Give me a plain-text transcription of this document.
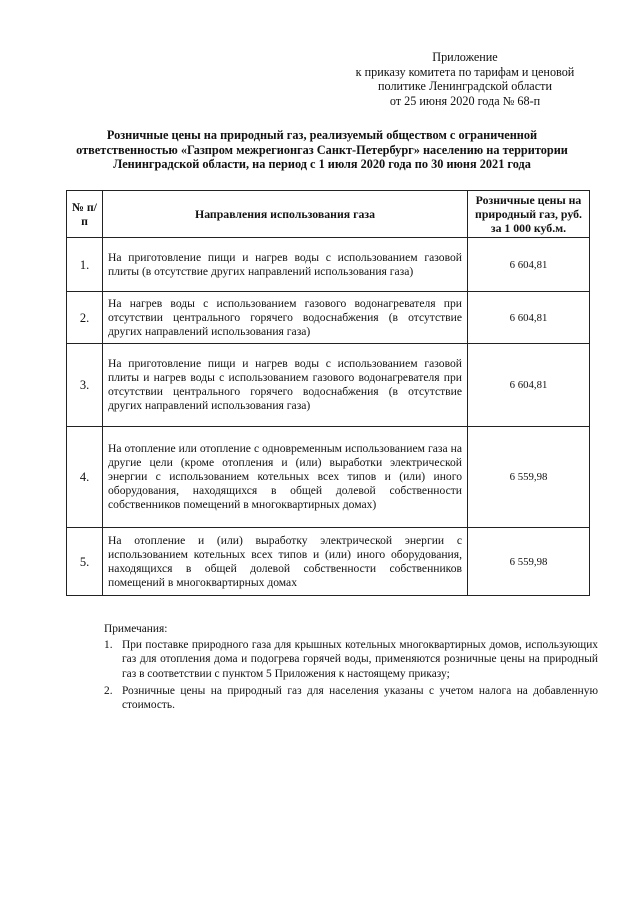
Приложение
к приказу комитета по тарифам и ценовой
политике Ленинградской области
от 25 июня 2020 года № 68-п
Розничные цены на природный газ, реализуемый обществом с ограниченной
ответственностью «Газпром межрегионгаз Санкт-Петербург» населению на территории
Ленинградской области, на период с 1 июля 2020 года по 30 июня 2021 года
№ п/п	Направления использования газа	Розничные цены на природный газ, руб. за 1 000 куб.м.
1.	На приготовление пищи и нагрев воды с использованием газовой плиты (в отсутствие других направлений использования газа)	6 604,81
2.	На нагрев воды с использованием газового водонагревателя при отсутствии центрального горячего водоснабжения (в отсутствие других направлений использования газа)	6 604,81
3.	На приготовление пищи и нагрев воды с использованием газовой плиты и нагрев воды с использованием газового водонагревателя при отсутствии центрального горячего водоснабжения (в отсутствие других направлений использования газа)	6 604,81
4.	На отопление или отопление с одновременным использованием газа на другие цели (кроме отопления и (или) выработки электрической энергии с использованием котельных всех типов и (или) иного оборудования, находящихся в общей долевой собственности собственников помещений в многоквартирных домах)	6 559,98
5.	На отопление и (или) выработку электрической энергии с использованием котельных всех типов и (или) иного оборудования, находящихся в общей долевой собственности собственников помещений в многоквартирных домах	6 559,98
Примечания:
1. При поставке природного газа для крышных котельных многоквартирных домов, использующих газ для отопления дома и подогрева горячей воды, применяются розничные цены на природный газ в соответствии с пунктом 5 Приложения к настоящему приказу;
2. Розничные цены на природный газ для населения указаны с учетом налога на добавленную стоимость.
